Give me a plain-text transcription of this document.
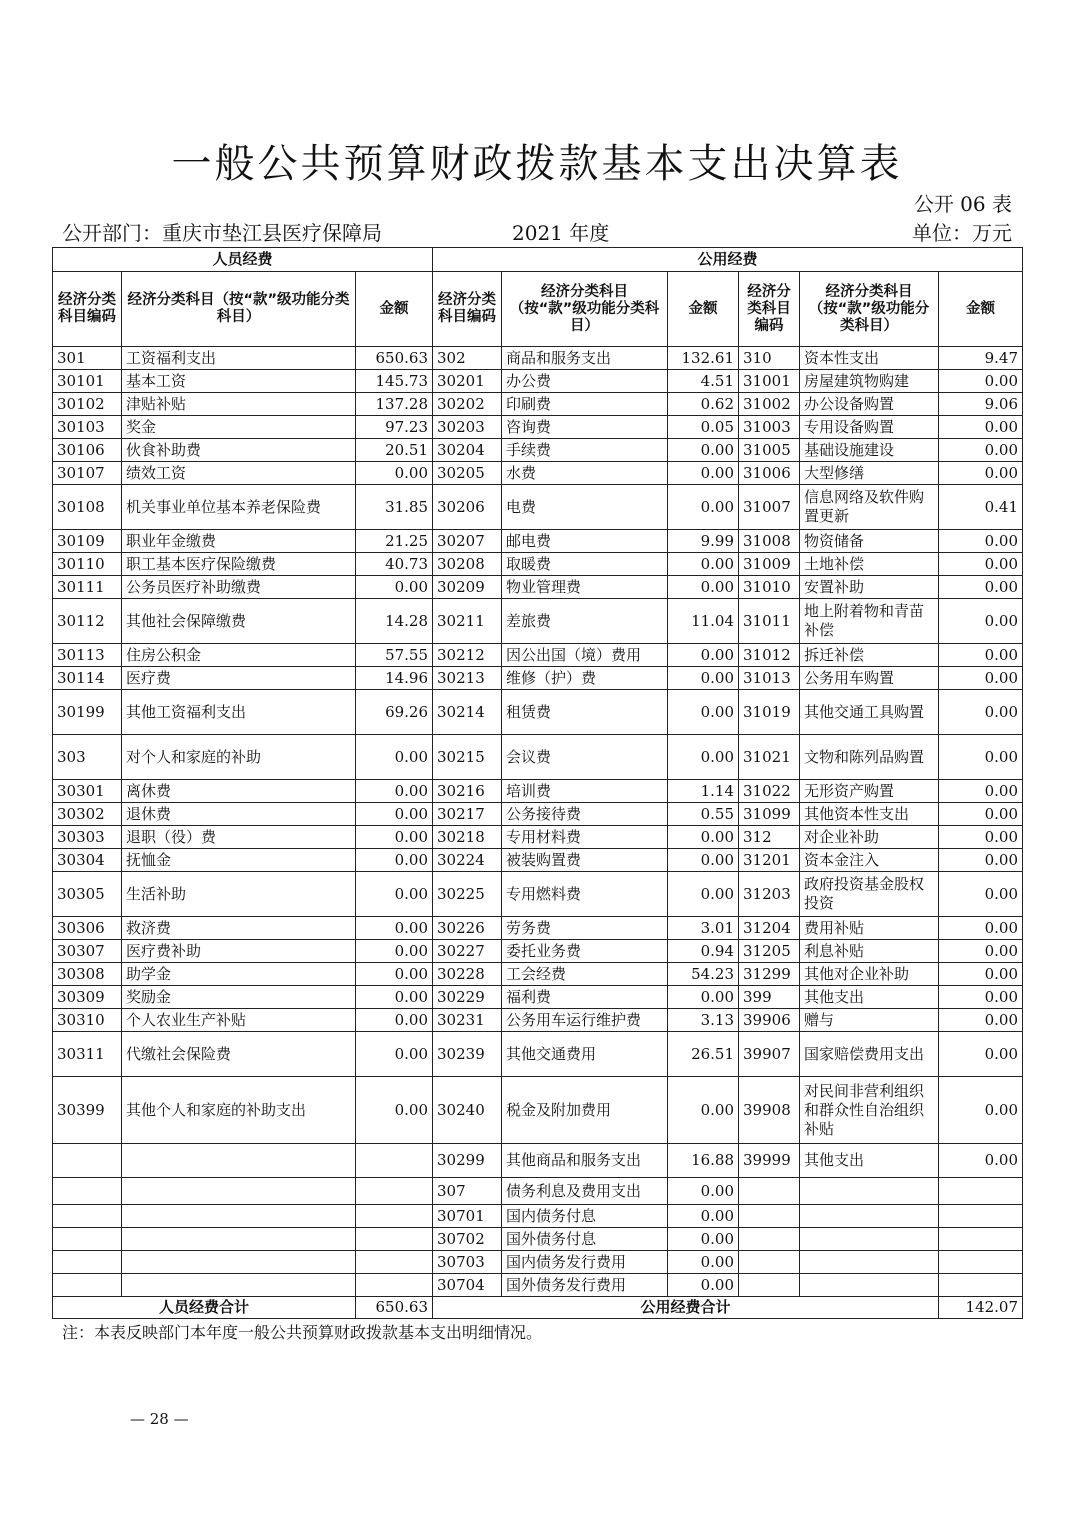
一般公共预算财政拨款基本支出决算表
公开 06 表
公开部门：重庆市垫江县医疗保障局	2021 年度	单位：万元
人员经费			公用经费					
经济分类科目编码	经济分类科目（按“款”级功能分类科目）	金额	经济分类科目编码	经济分类科目（按“款”级功能分类科目）	金额	经济分类科目编码	经济分类科目（按“款”级功能分类科目）	金额
301	工资福利支出	650.63	302	商品和服务支出	132.61	310	资本性支出	9.47
30101	基本工资	145.73	30201	办公费	4.51	31001	房屋建筑物购建	0.00
30102	津贴补贴	137.28	30202	印刷费	0.62	31002	办公设备购置	9.06
30103	奖金	97.23	30203	咨询费	0.05	31003	专用设备购置	0.00
30106	伙食补助费	20.51	30204	手续费	0.00	31005	基础设施建设	0.00
30107	绩效工资	0.00	30205	水费	0.00	31006	大型修缮	0.00
30108	机关事业单位基本养老保险费	31.85	30206	电费	0.00	31007	信息网络及软件购置更新	0.41
30109	职业年金缴费	21.25	30207	邮电费	9.99	31008	物资储备	0.00
30110	职工基本医疗保险缴费	40.73	30208	取暖费	0.00	31009	土地补偿	0.00
30111	公务员医疗补助缴费	0.00	30209	物业管理费	0.00	31010	安置补助	0.00
30112	其他社会保障缴费	14.28	30211	差旅费	11.04	31011	地上附着物和青苗补偿	0.00
30113	住房公积金	57.55	30212	因公出国（境）费用	0.00	31012	拆迁补偿	0.00
30114	医疗费	14.96	30213	维修（护）费	0.00	31013	公务用车购置	0.00
30199	其他工资福利支出	69.26	30214	租赁费	0.00	31019	其他交通工具购置	0.00
303	对个人和家庭的补助	0.00	30215	会议费	0.00	31021	文物和陈列品购置	0.00
30301	离休费	0.00	30216	培训费	1.14	31022	无形资产购置	0.00
30302	退休费	0.00	30217	公务接待费	0.55	31099	其他资本性支出	0.00
30303	退职（役）费	0.00	30218	专用材料费	0.00	312	对企业补助	0.00
30304	抚恤金	0.00	30224	被装购置费	0.00	31201	资本金注入	0.00
30305	生活补助	0.00	30225	专用燃料费	0.00	31203	政府投资基金股权投资	0.00
30306	救济费	0.00	30226	劳务费	3.01	31204	费用补贴	0.00
30307	医疗费补助	0.00	30227	委托业务费	0.94	31205	利息补贴	0.00
30308	助学金	0.00	30228	工会经费	54.23	31299	其他对企业补助	0.00
30309	奖励金	0.00	30229	福利费	0.00	399	其他支出	0.00
30310	个人农业生产补贴	0.00	30231	公务用车运行维护费	3.13	39906	赠与	0.00
30311	代缴社会保险费	0.00	30239	其他交通费用	26.51	39907	国家赔偿费用支出	0.00
30399	其他个人和家庭的补助支出	0.00	30240	税金及附加费用	0.00	39908	对民间非营利组织和群众性自治组织补贴	0.00
			30299	其他商品和服务支出	16.88	39999	其他支出	0.00
			307	债务利息及费用支出	0.00			
			30701	国内债务付息	0.00			
			30702	国外债务付息	0.00			
			30703	国内债务发行费用	0.00			
			30704	国外债务发行费用	0.00			
人员经费合计		650.63	公用经费合计					142.07
注：本表反映部门本年度一般公共预算财政拨款基本支出明细情况。
— 28 —
